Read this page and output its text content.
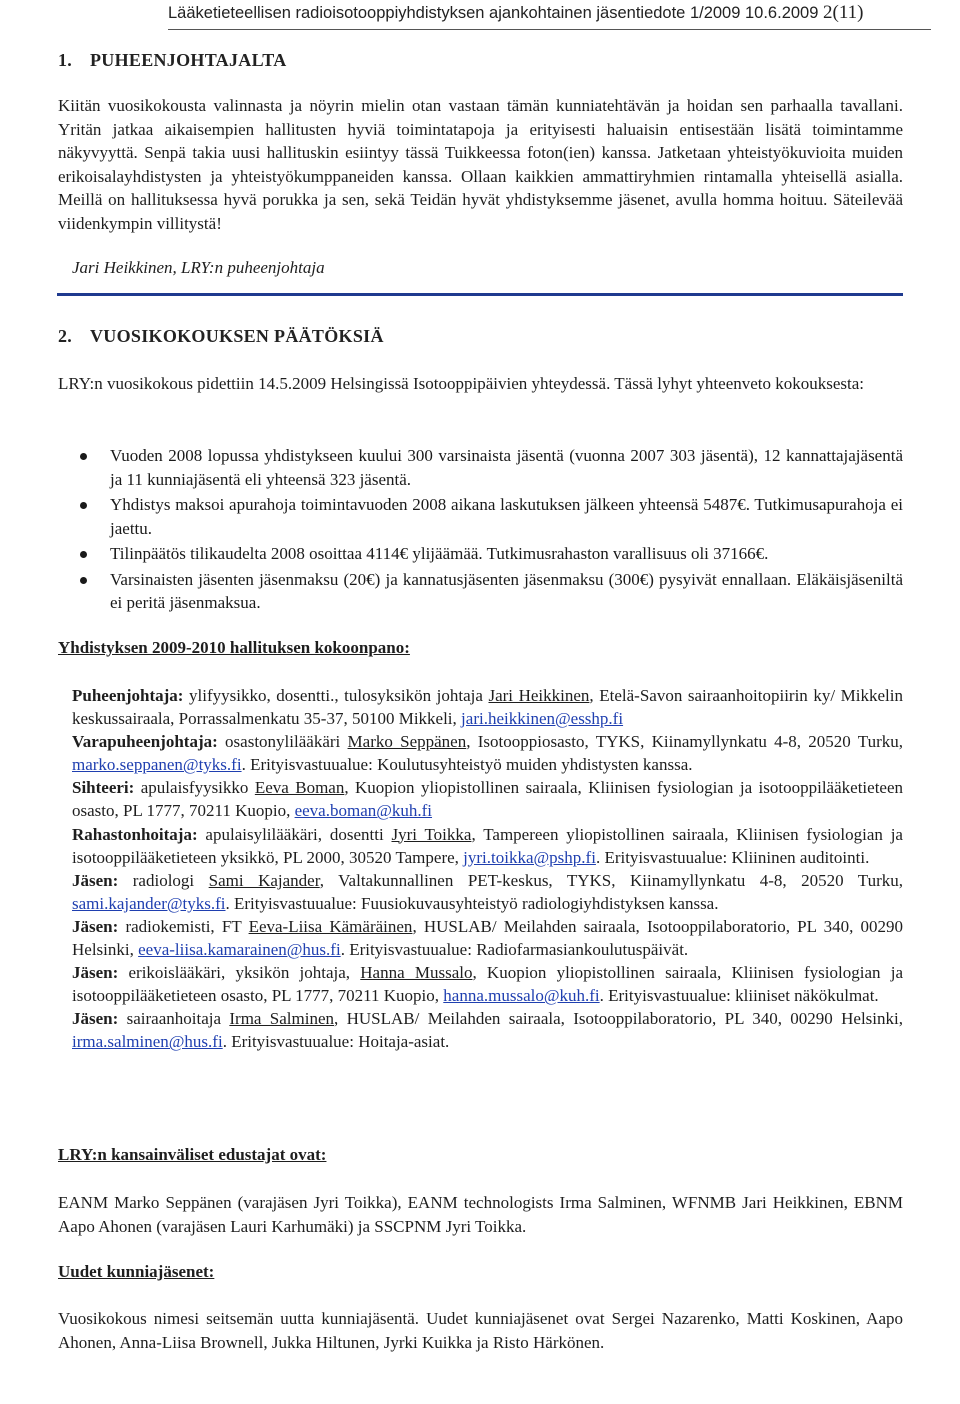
Lääketieteellisen radioisotooppiyhdistyksen ajankohtainen jäsentiedote 1/2009 10.6.2009 2(11)
1. PUHEENJOHTAJALTA
Kiitän vuosikokousta valinnasta ja nöyrin mielin otan vastaan tämän kunniatehtävän ja hoidan sen parhaalla tavallani. Yritän jatkaa aikaisempien hallitusten hyviä toimintatapoja ja erityisesti haluaisin entisestään lisätä toimintamme näkyvyyttä. Senpä takia uusi hallituskin esiintyy tässä Tuikkeessa foton(ien) kanssa. Jatketaan yhteistyökuvioita muiden erikoisalayhdistysten ja yhteistyökumppaneiden kanssa. Ollaan kaikkien ammattiryhmien rintamalla yhteisellä asialla. Meillä on hallituksessa hyvä porukka ja sen, sekä Teidän hyvät yhdistyksemme jäsenet, avulla homma hoituu. Säteilevää viidenkympin villitystä!
Jari Heikkinen, LRY:n puheenjohtaja
2. VUOSIKOKOUKSEN PÄÄTÖKSIÄ
LRY:n vuosikokous pidettiin 14.5.2009 Helsingissä Isotooppipäivien yhteydessä. Tässä lyhyt yhteenveto kokouksesta:
Vuoden 2008 lopussa yhdistykseen kuului 300 varsinaista jäsentä (vuonna 2007 303 jäsentä), 12 kannattajajäsentä ja 11 kunniajäsentä eli yhteensä 323 jäsentä.
Yhdistys maksoi apurahoja toimintavuoden 2008 aikana laskutuksen jälkeen yhteensä 5487€. Tutkimusapurahoja ei jaettu.
Tilinpäätös tilikaudelta 2008 osoittaa 4114€ ylijäämää. Tutkimusrahaston varallisuus oli 37166€.
Varsinaisten jäsenten jäsenmaksu (20€) ja kannatusjäsenten jäsenmaksu (300€) pysyivät ennallaan. Eläkäisjäseniltä ei peritä jäsenmaksua.
Yhdistyksen 2009-2010 hallituksen kokoonpano:

Puheenjohtaja: ylifyysikko, dosentti., tulosyksikön johtaja Jari Heikkinen, Etelä-Savon sairaanhoitopiirin ky/ Mikkelin keskussairaala, Porrassalmenkatu 35-37, 50100 Mikkeli, jari.heikkinen@esshp.fi

Varapuheenjohtaja: osastonylilääkäri Marko Seppänen, Isotooppiosasto, TYKS, Kiinamyllynkatu 4-8, 20520 Turku, marko.seppanen@tyks.fi. Erityisvastuualue: Koulutusyhteistyö muiden yhdistysten kanssa.

Sihteeri: apulaisfyysikko Eeva Boman, Kuopion yliopistollinen sairaala, Kliinisen fysiologian ja isotooppilääketieteen osasto, PL 1777, 70211 Kuopio, eeva.boman@kuh.fi

Rahastonhoitaja: apulaisylilääkäri, dosentti Jyri Toikka, Tampereen yliopistollinen sairaala, Kliinisen fysiologian ja isotooppilääketieteen yksikkö, PL 2000, 30520 Tampere, jyri.toikka@pshp.fi. Erityisvastuualue: Kliininen auditointi.

Jäsen: radiologi Sami Kajander, Valtakunnallinen PET-keskus, TYKS, Kiinamyllynkatu 4-8, 20520 Turku, sami.kajander@tyks.fi. Erityisvastuualue: Fuusiokuvausyhteistyö radiologiyhdistyksen kanssa.

Jäsen: radiokemisti, FT Eeva-Liisa Kämäräinen, HUSLAB/ Meilahden sairaala, Isotooppilaboratorio, PL 340, 00290 Helsinki, eeva-liisa.kamarainen@hus.fi. Erityisvastuualue: Radiofarmasiankoulutuspäivät.

Jäsen: erikoislääkäri, yksikön johtaja, Hanna Mussalo, Kuopion yliopistollinen sairaala, Kliinisen fysiologian ja isotooppilääketieteen osasto, PL 1777, 70211 Kuopio, hanna.mussalo@kuh.fi. Erityisvastuualue: kliiniset näkökulmat.

Jäsen: sairaanhoitaja Irma Salminen, HUSLAB/ Meilahden sairaala, Isotooppilaboratorio, PL 340, 00290 Helsinki, irma.salminen@hus.fi. Erityisvastuualue: Hoitaja-asiat.

LRY:n kansainväliset edustajat ovat:
EANM Marko Seppänen (varajäsen Jyri Toikka), EANM technologists Irma Salminen, WFNMB Jari Heikkinen, EBNM Aapo Ahonen (varajäsen Lauri Karhumäki) ja SSCPNM Jyri Toikka.
Uudet kunniajäsenet:
Vuosikokous nimesi seitsemän uutta kunniajäsentä. Uudet kunniajäsenet ovat Sergei Nazarenko, Matti Koskinen, Aapo Ahonen, Anna-Liisa Brownell, Jukka Hiltunen, Jyrki Kuikka ja Risto Härkönen.
